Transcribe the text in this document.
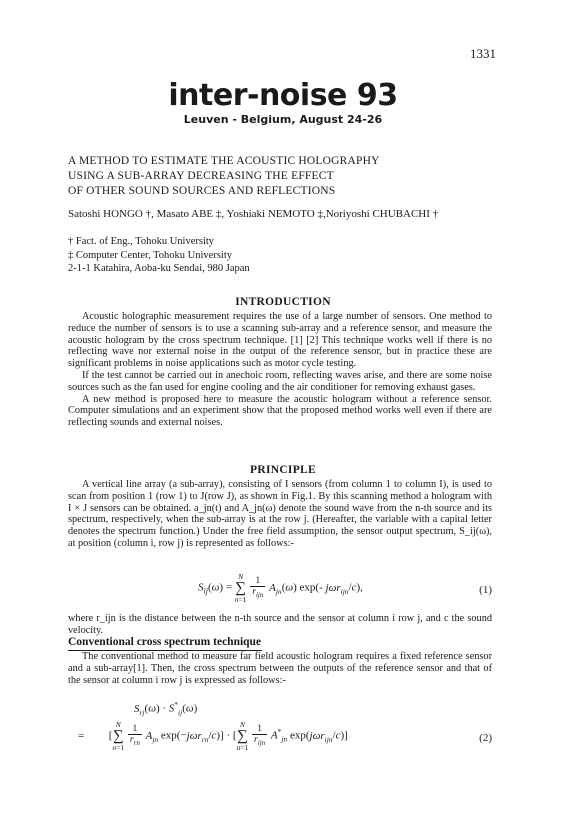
1331
inter-noise 93
Leuven - Belgium, August 24-26
A METHOD TO ESTIMATE THE ACOUSTIC HOLOGRAPHY
USING A SUB-ARRAY DECREASING THE EFFECT
OF OTHER SOUND SOURCES AND REFLECTIONS
Satoshi HONGO †, Masato ABE ‡, Yoshiaki NEMOTO ‡,Noriyoshi CHUBACHI †
† Fact. of Eng., Tohoku University
‡ Computer Center, Tohoku University
2-1-1 Katahira, Aoba-ku Sendai, 980 Japan
INTRODUCTION

Acoustic holographic measurement requires the use of a large number of sensors. One method to reduce the number of sensors is to use a scanning sub-array and a reference sensor, and measure the acoustic hologram by the cross spectrum technique. [1] [2] This technique works well if there is no reflecting wave nor external noise in the output of the reference sensor, but in practice these are significant problems in noise applications such as motor cycle testing.

If the test cannot be carried out in anechoic room, reflecting waves arise, and there are some noise sources such as the fan used for engine cooling and the air conditioner for removing exhaust gases.

A new method is proposed here to measure the acoustic hologram without a reference sensor. Computer simulations and an experiment show that the proposed method works well even if there are reflecting sounds and external noises.

PRINCIPLE

A vertical line array (a sub-array), consisting of I sensors (from column 1 to column I), is used to scan from position 1 (row 1) to J(row J), as shown in Fig.1. By this scanning method a hologram with I × J sensors can be obtained. a_jn(t) and A_jn(ω) denote the sound wave from the n-th source and its spectrum, respectively, when the sub-array is at the row j. (Hereafter, the variable with a capital letter denotes the spectrum function.) Under the free field assumption, the sensor output spectrum, S_ij(ω), at position (column i, row j) is represented as follows:-

$S_{ij}(\omega)$ =
N
∑
n=1
$\frac{1}{r_{ijn}} A_{jn}(\omega)$ exp(- jωr$_{ijn}$/c),	(1)

where r_ijn is the distance between the n-th source and the sensor at column i row j, and c the sound velocity.

Conventional cross spectrum technique

The conventional method to measure far field acoustic hologram requires a fixed reference sensor and a sub-array[1]. Then, the cross spectrum between the outputs of the reference sensor and that of the sensor at column i row j is expressed as follows:-

$S_{rj}(\omega) \cdot S^*_{ij}(\omega)$
= [
N
∑
n=1
$\frac{1}{r_{rn}} A_{jn}$ exp(−jωr$_{rn}$/c)] · [
N
∑
n=1
$\frac{1}{r_{ijn}} A^*_{jn}$ exp(jωr$_{ijn}$/c)]	(2)
